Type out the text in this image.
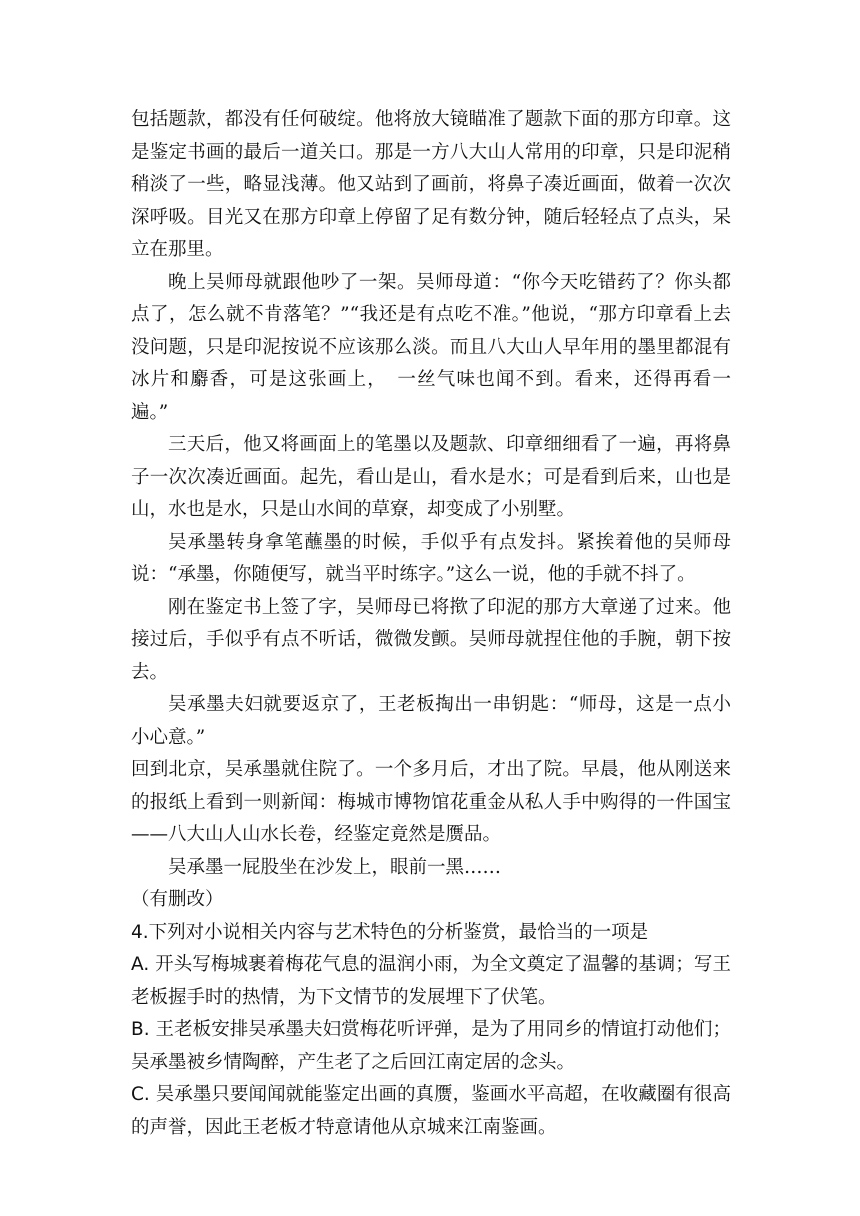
包括题款，都没有任何破绽。他将放大镜瞄准了题款下面的那方印章。这是鉴定书画的最后一道关口。那是一方八大山人常用的印章，只是印泥稍稍淡了一些，略显浅薄。他又站到了画前，将鼻子凑近画面，做着一次次深呼吸。目光又在那方印章上停留了足有数分钟，随后轻轻点了点头，呆立在那里。

晚上吴师母就跟他吵了一架。吴师母道：“你今天吃错药了？你头都点了，怎么就不肯落笔？”“我还是有点吃不准。”他说，“那方印章看上去没问题，只是印泥按说不应该那么淡。而且八大山人早年用的墨里都混有冰片和麝香，可是这张画上，　一丝气味也闻不到。看来，还得再看一遍。”

三天后，他又将画面上的笔墨以及题款、印章细细看了一遍，再将鼻子一次次凑近画面。起先，看山是山，看水是水；可是看到后来，山也是山，水也是水，只是山水间的草寮，却变成了小别墅。

吴承墨转身拿笔蘸墨的时候，手似乎有点发抖。紧挨着他的吴师母说：“承墨，你随便写，就当平时练字。”这么一说，他的手就不抖了。

刚在鉴定书上签了字，吴师母已将揿了印泥的那方大章递了过来。他接过后，手似乎有点不听话，微微发颤。吴师母就捏住他的手腕，朝下按去。

吴承墨夫妇就要返京了，王老板掏出一串钥匙：“师母，这是一点小小心意。”

回到北京，吴承墨就住院了。一个多月后，才出了院。早晨，他从刚送来的报纸上看到一则新闻：梅城市博物馆花重金从私人手中购得的一件国宝——八大山人山水长卷，经鉴定竟然是赝品。

吴承墨一屁股坐在沙发上，眼前一黑……

（有删改）

4.下列对小说相关内容与艺术特色的分析鉴赏，最恰当的一项是

A. 开头写梅城裹着梅花气息的温润小雨，为全文奠定了温馨的基调；写王老板握手时的热情，为下文情节的发展埋下了伏笔。

B. 王老板安排吴承墨夫妇赏梅花听评弹，是为了用同乡的情谊打动他们；吴承墨被乡情陶醉，产生老了之后回江南定居的念头。

C. 吴承墨只要闻闻就能鉴定出画的真赝，鉴画水平高超，在收藏圈有很高的声誉，因此王老板才特意请他从京城来江南鉴画。
